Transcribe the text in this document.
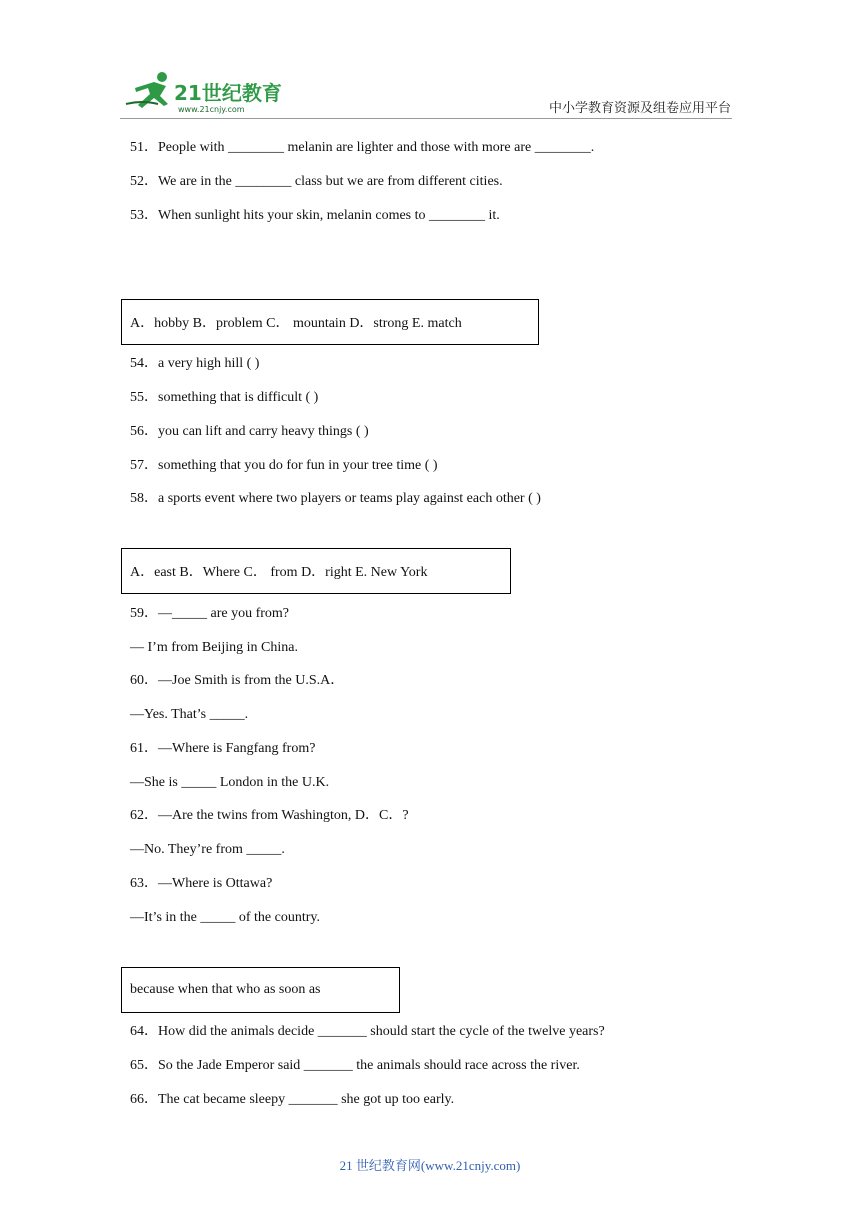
21世纪教育
www.21cnjy.com	中小学教育资源及组卷应用平台
51．People with ________ melanin are lighter and those with more are ________.
52．We are in the ________ class but we are from different cities.
53．When sunlight hits your skin, melanin comes to ________ it.
A．hobby B．problem C． mountain D．strong E. match
54．a very high hill ( )
55．something that is difficult ( )
56．you can lift and carry heavy things ( )
57．something that you do for fun in your tree time ( )
58．a sports event where two players or teams play against each other ( )
A．east B．Where C． from D．right E. New York
59．—_____ are you from?
— I’m from Beijing in China.
60．—Joe Smith is from the U.S.A．
—Yes. That’s _____.
61．—Where is Fangfang from?
—She is _____ London in the U.K.
62．—Are the twins from Washington, D．C．?
—No. They’re from _____.
63．—Where is Ottawa?
—It’s in the _____ of the country.
because when that who as soon as
64．How did the animals decide _______ should start the cycle of the twelve years?
65．So the Jade Emperor said _______ the animals should race across the river.
66．The cat became sleepy _______ she got up too early.
21 世纪教育网(www.21cnjy.com)
